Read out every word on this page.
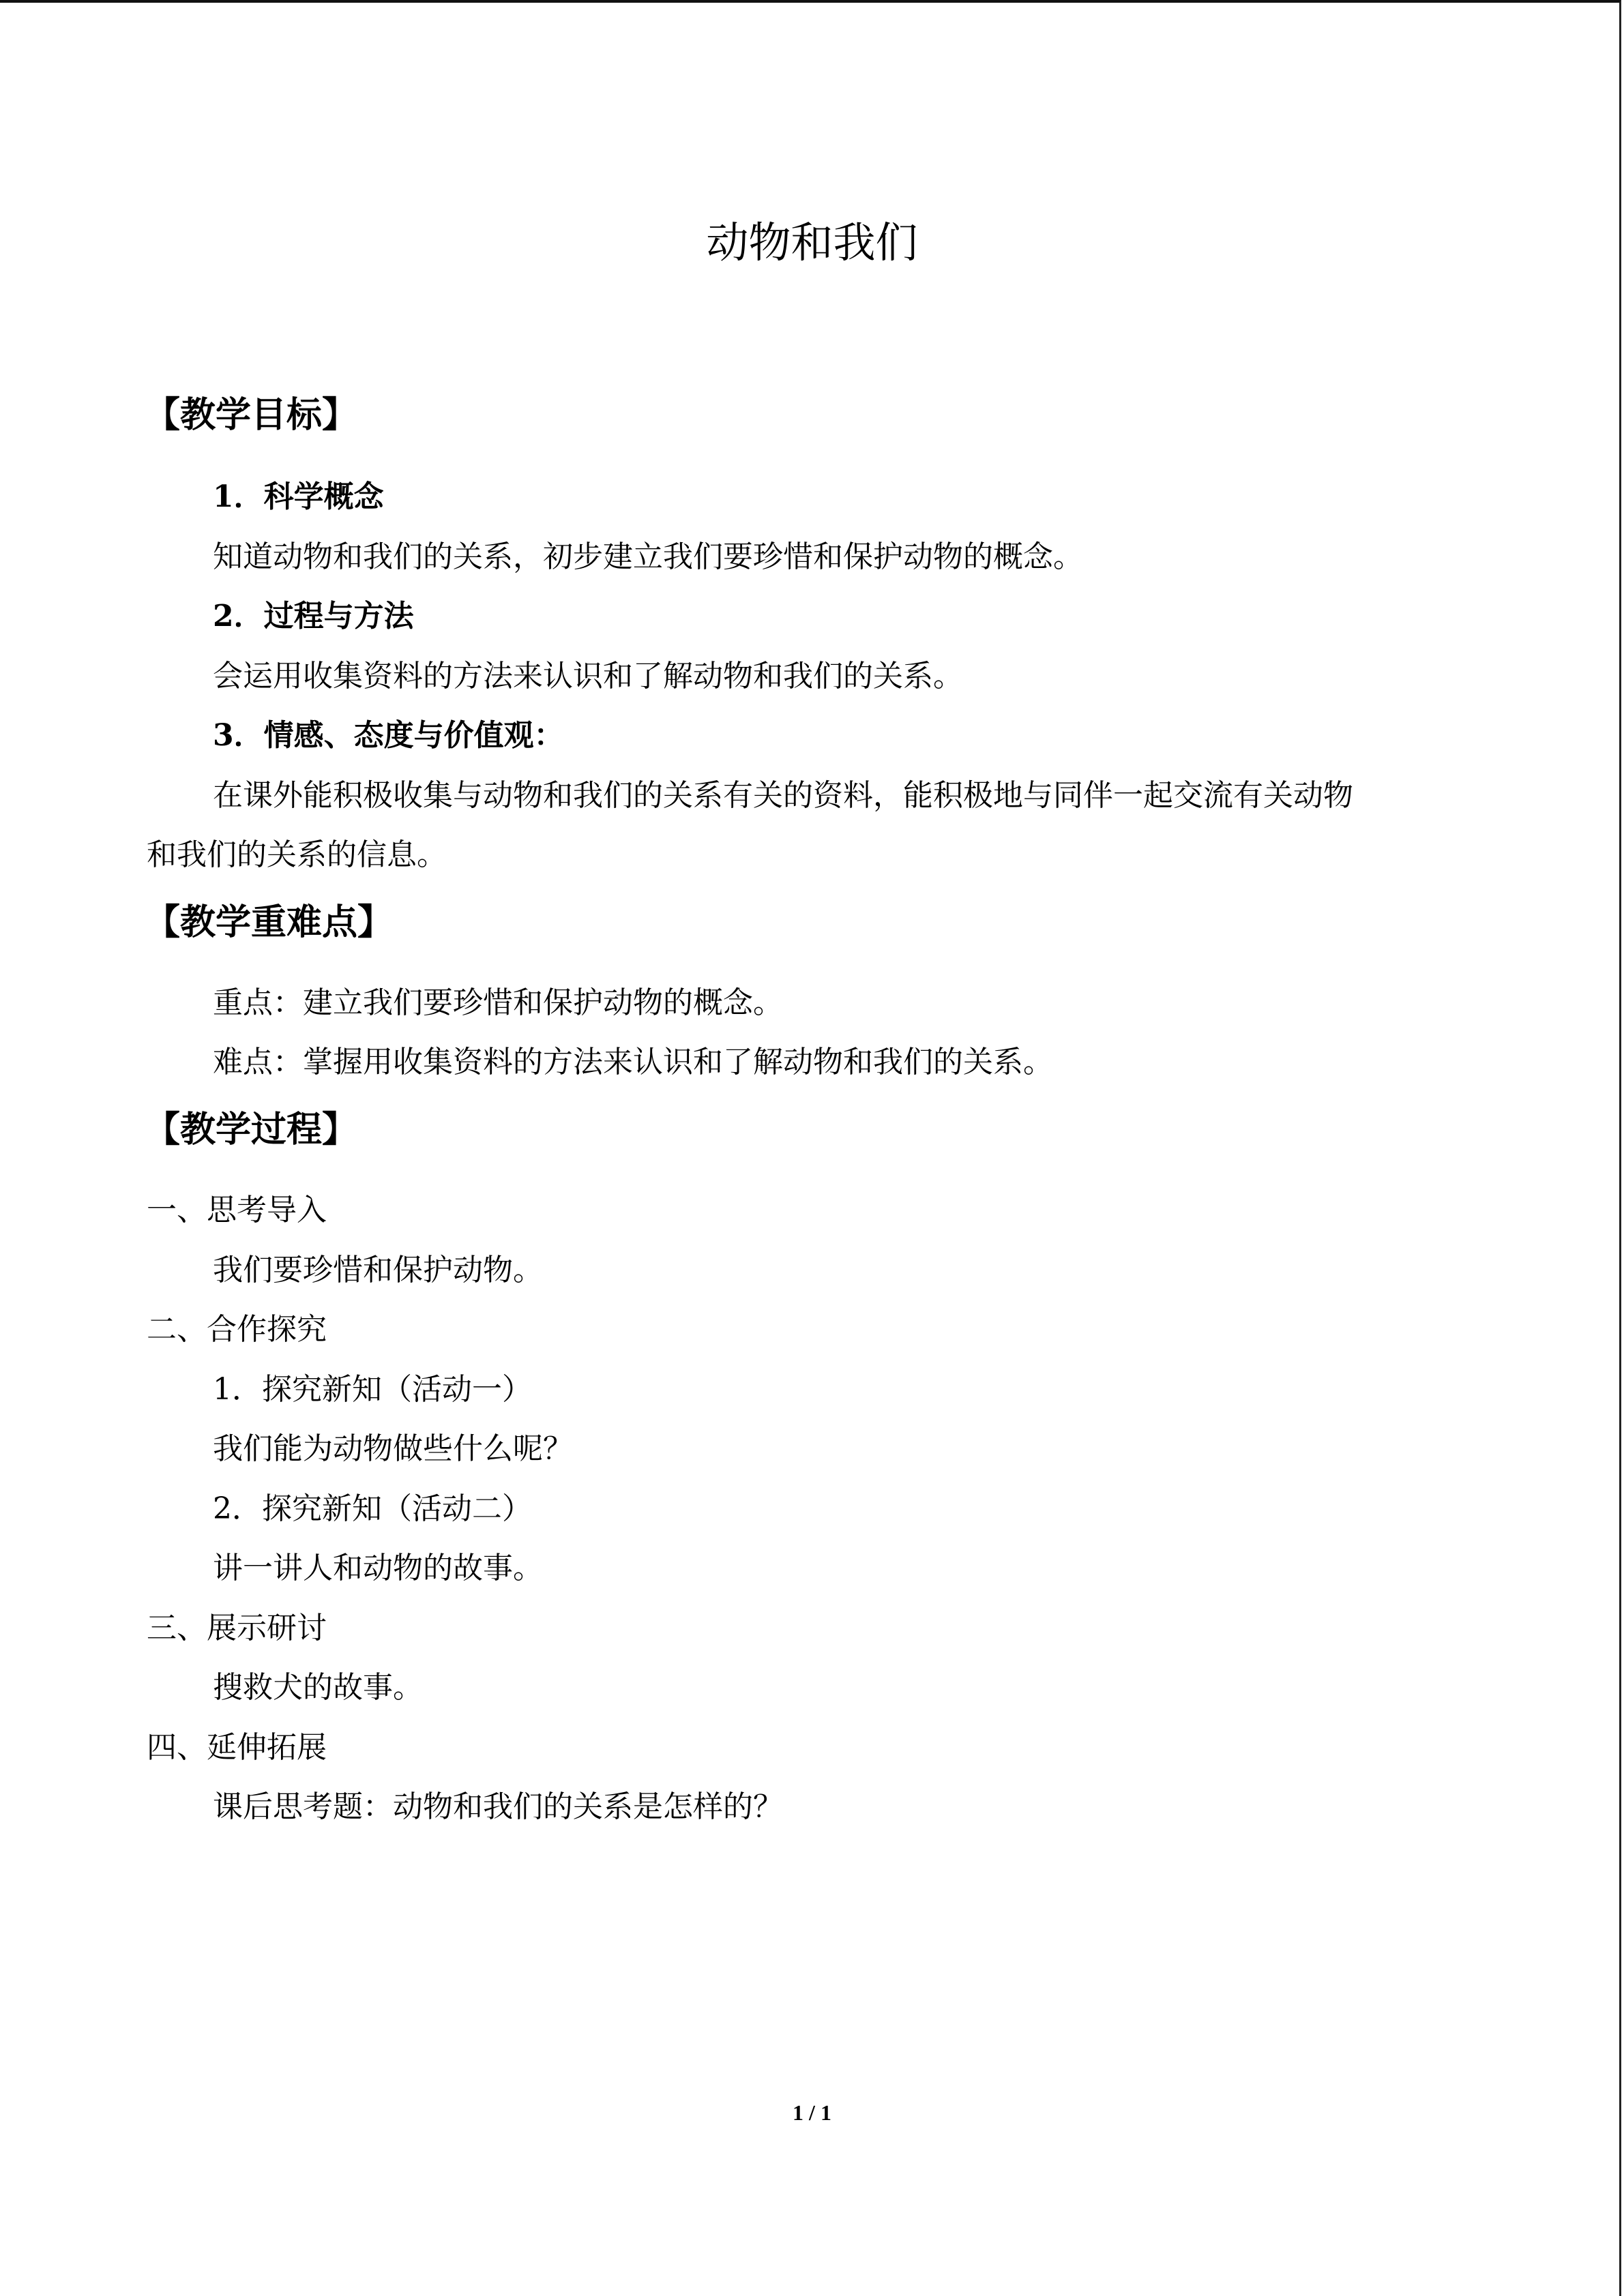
动物和我们
【教学目标】
1．科学概念
知道动物和我们的关系，初步建立我们要珍惜和保护动物的概念。
2．过程与方法
会运用收集资料的方法来认识和了解动物和我们的关系。
3．情感、态度与价值观：
在课外能积极收集与动物和我们的关系有关的资料，能积极地与同伴一起交流有关动物
和我们的关系的信息。
【教学重难点】
重点：建立我们要珍惜和保护动物的概念。
难点：掌握用收集资料的方法来认识和了解动物和我们的关系。
【教学过程】
一、思考导入
我们要珍惜和保护动物。
二、合作探究
1．探究新知（活动一）
我们能为动物做些什么呢？
2．探究新知（活动二）
讲一讲人和动物的故事。
三、展示研讨
搜救犬的故事。
四、延伸拓展
课后思考题：动物和我们的关系是怎样的？
1 / 1
